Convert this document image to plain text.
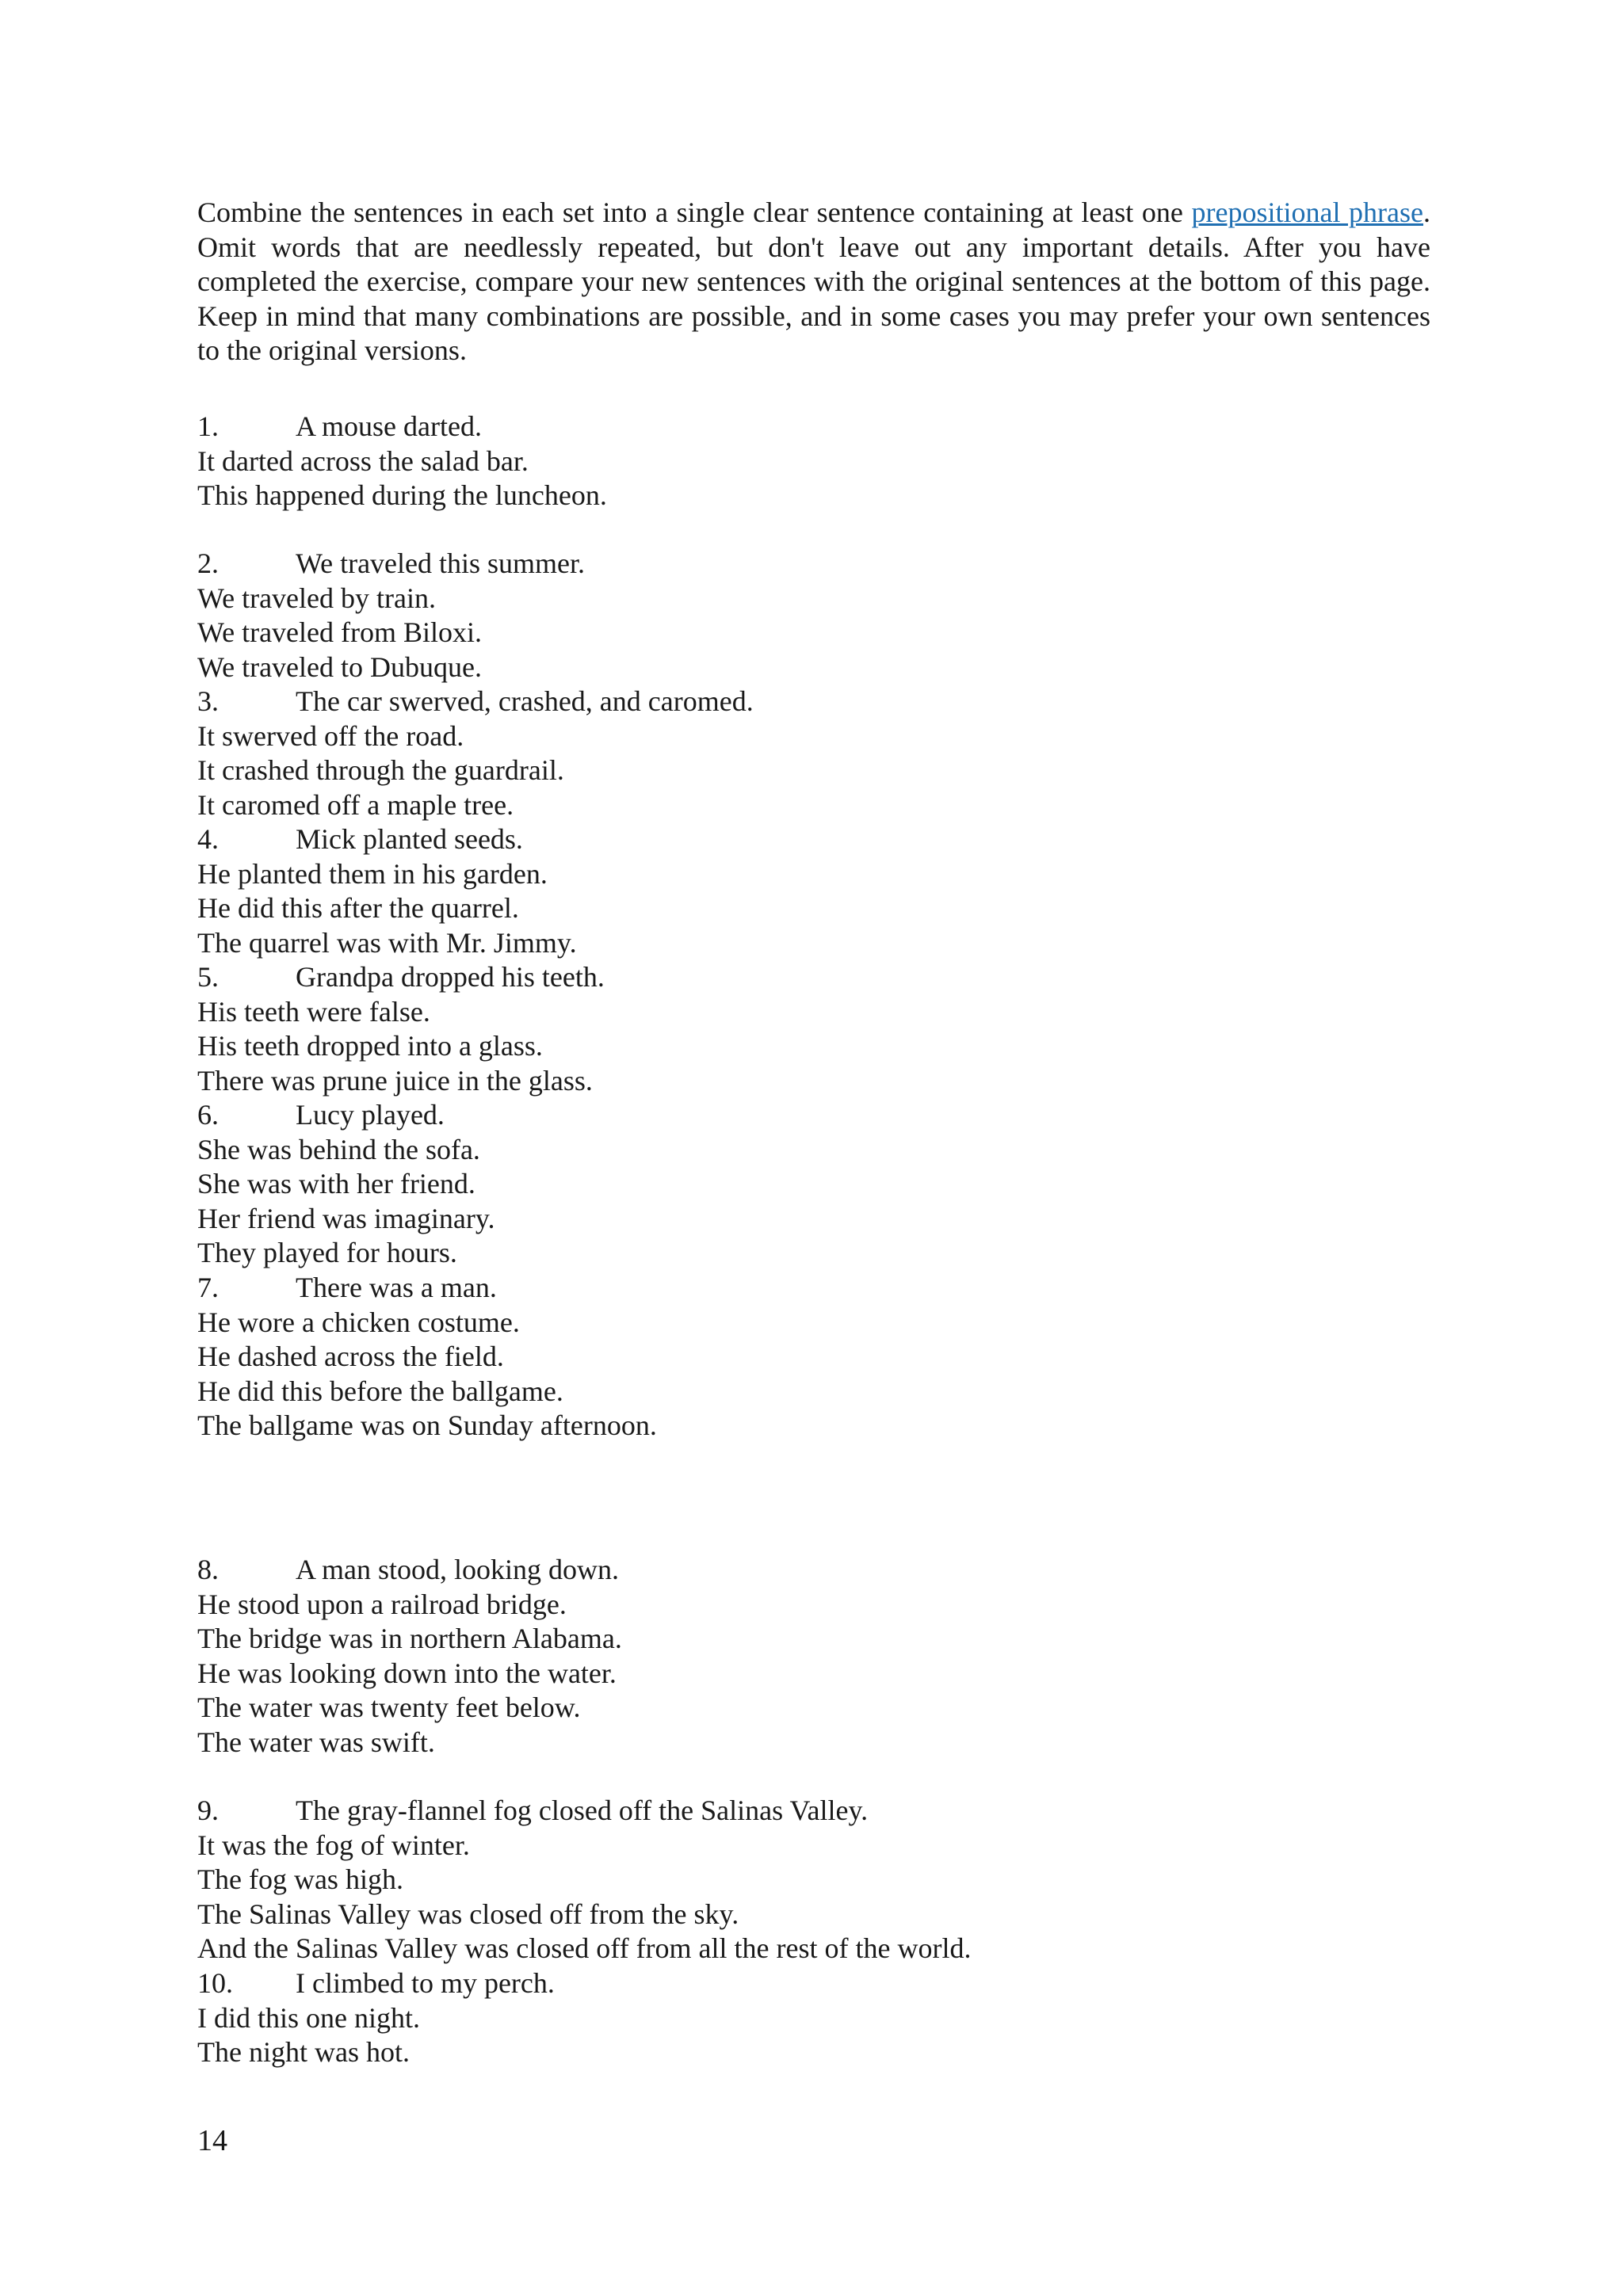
Combine the sentences in each set into a single clear sentence containing at least one prepositional phrase. Omit words that are needlessly repeated, but don't leave out any important details. After you have completed the exercise, compare your new sentences with the original sentences at the bottom of this page. Keep in mind that many combinations are possible, and in some cases you may prefer your own sentences to the original versions.

1.	A mouse darted.
It darted across the salad bar.
This happened during the luncheon.
2.	We traveled this summer.
We traveled by train.
We traveled from Biloxi.
We traveled to Dubuque.
3.	The car swerved, crashed, and caromed.
It swerved off the road.
It crashed through the guardrail.
It caromed off a maple tree.
4.	Mick planted seeds.
He planted them in his garden.
He did this after the quarrel.
The quarrel was with Mr. Jimmy.
5.	Grandpa dropped his teeth.
His teeth were false.
His teeth dropped into a glass.
There was prune juice in the glass.
6.	Lucy played.
She was behind the sofa.
She was with her friend.
Her friend was imaginary.
They played for hours.
7.	There was a man.
He wore a chicken costume.
He dashed across the field.
He did this before the ballgame.
The ballgame was on Sunday afternoon.
8.	A man stood, looking down.
He stood upon a railroad bridge.
The bridge was in northern Alabama.
He was looking down into the water.
The water was twenty feet below.
The water was swift.
9.	The gray-flannel fog closed off the Salinas Valley.
It was the fog of winter.
The fog was high.
The Salinas Valley was closed off from the sky.
And the Salinas Valley was closed off from all the rest of the world.
10. I climbed to my perch.
I did this one night.
The night was hot.
14
